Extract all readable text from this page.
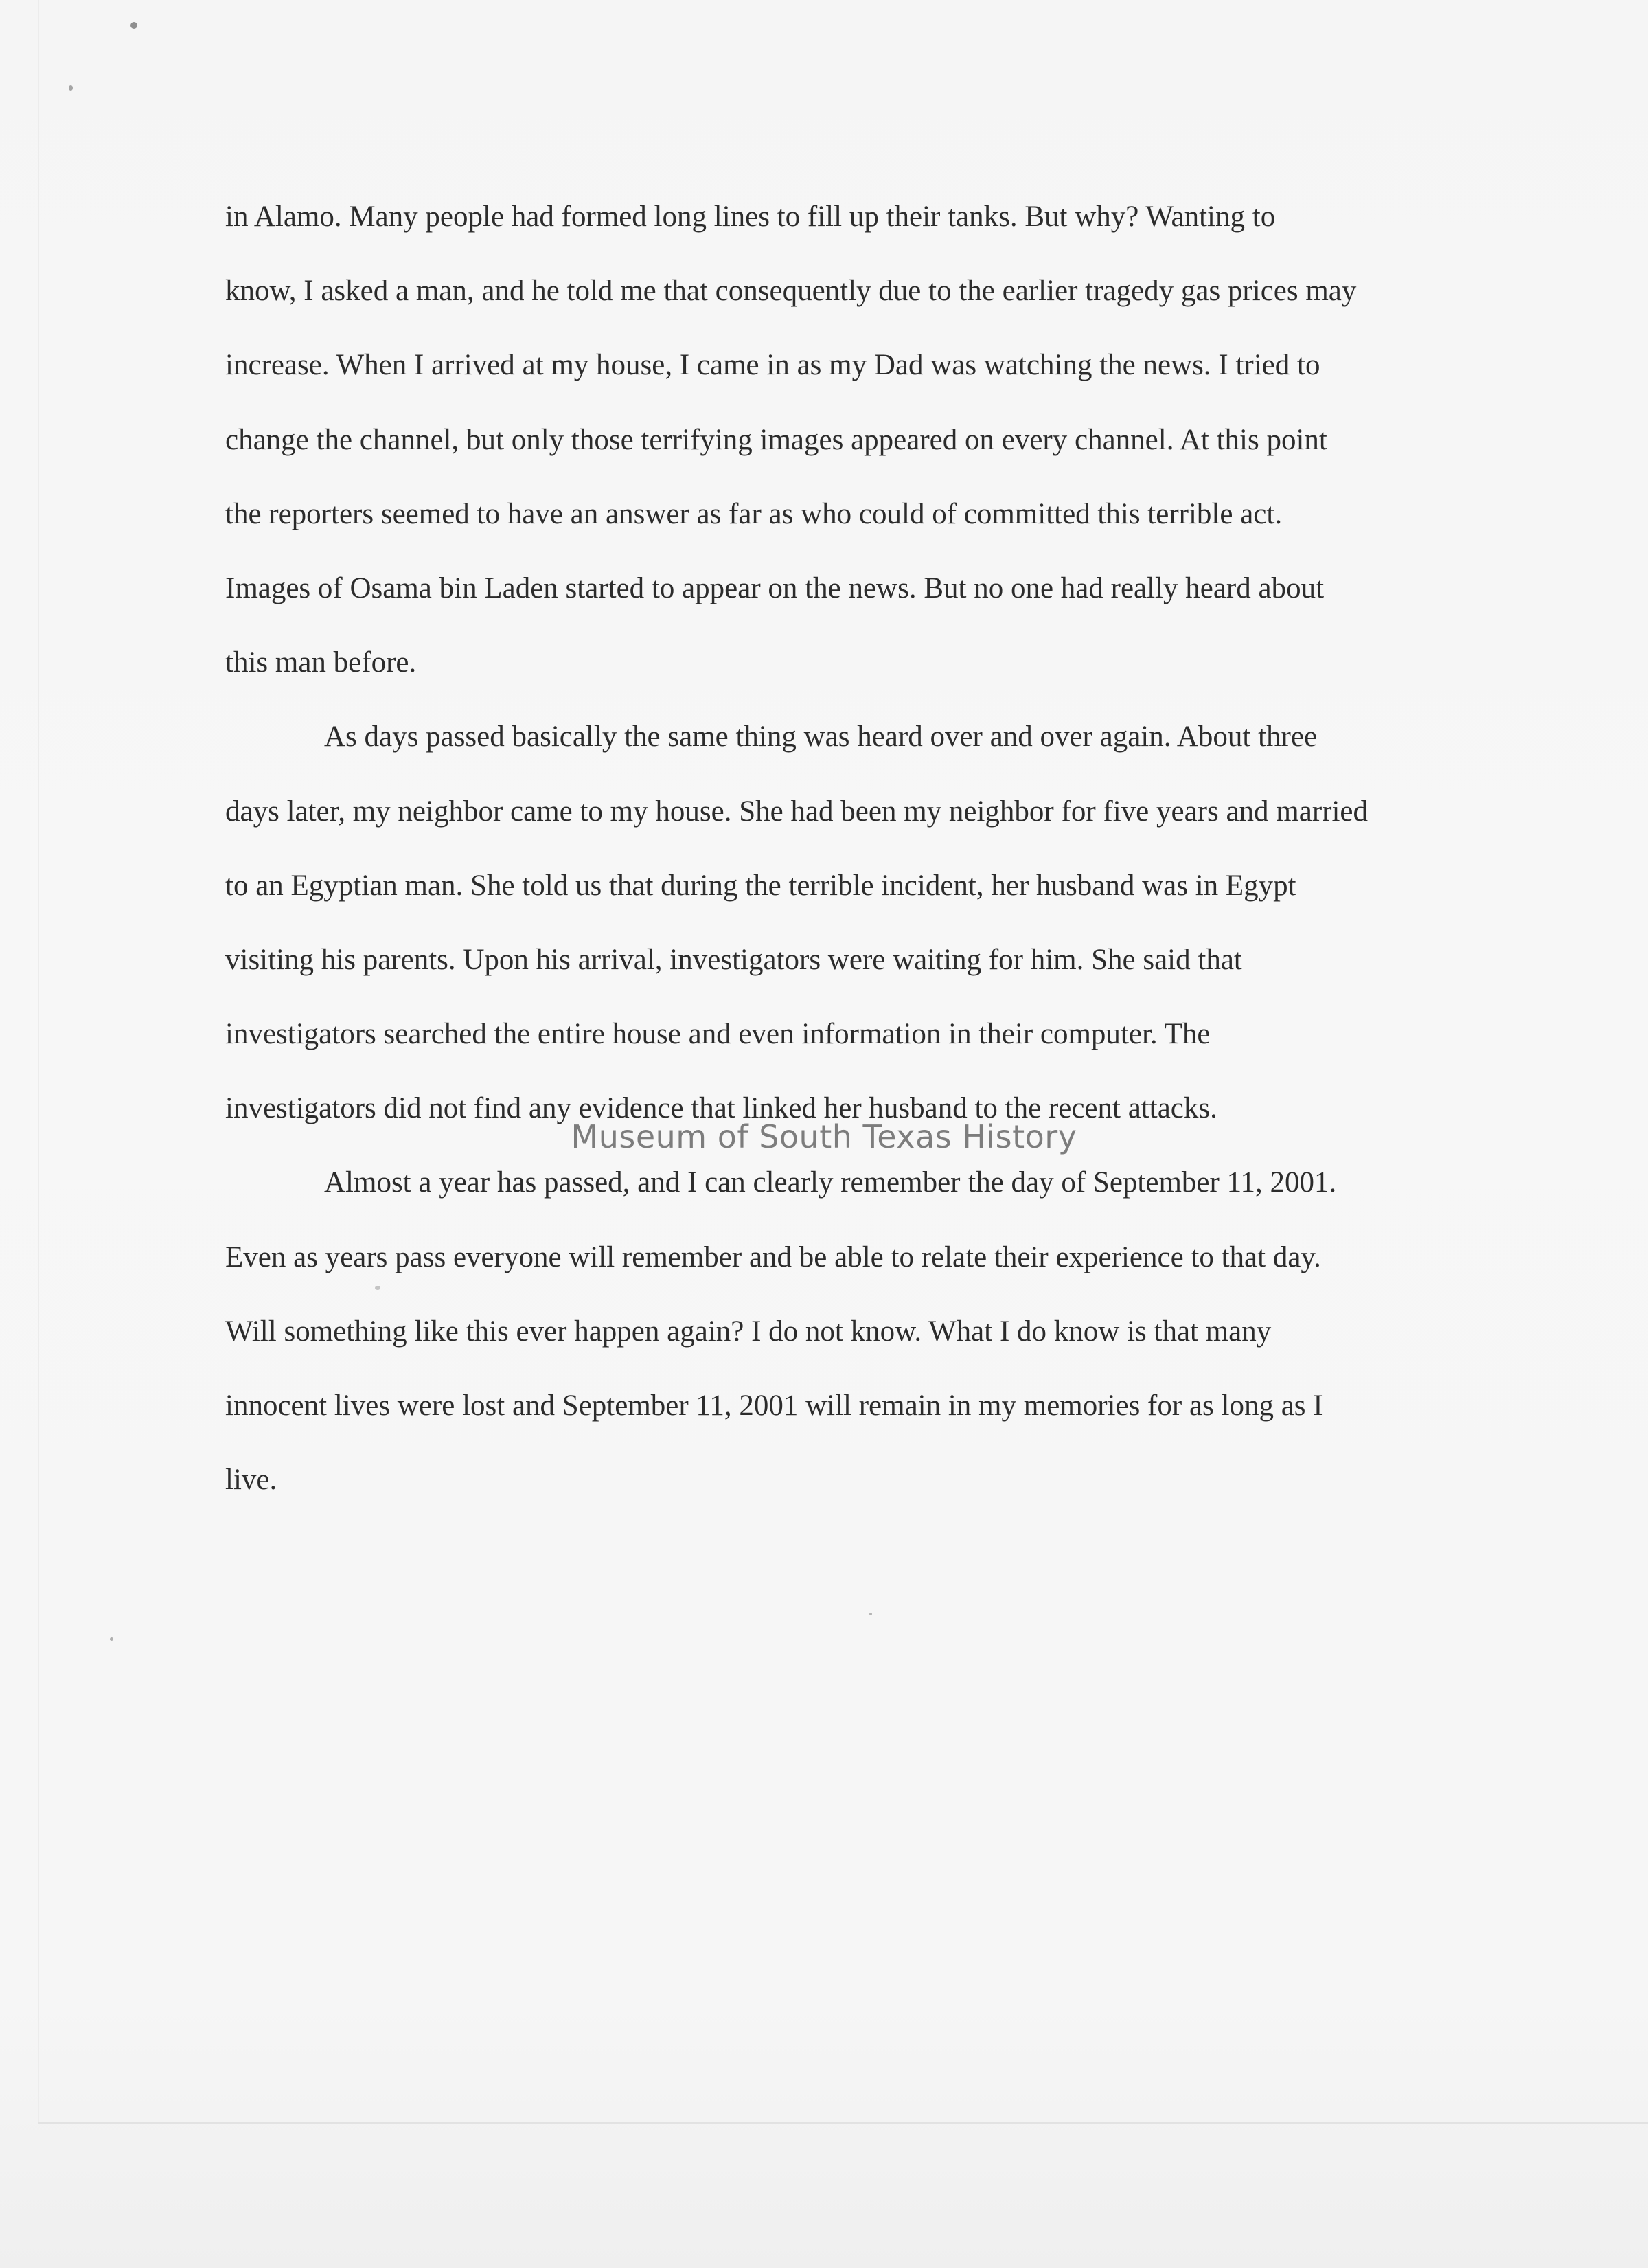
in Alamo. Many people had formed long lines to fill up their tanks. But why? Wanting to
know, I asked a man, and he told me that consequently due to the earlier tragedy gas prices may
increase. When I arrived at my house, I came in as my Dad was watching the news. I tried to
change the channel, but only those terrifying images appeared on every channel. At this point
the reporters seemed to have an answer as far as who could of committed this terrible act.
Images of Osama bin Laden started to appear on the news. But no one had really heard about
this man before.
As days passed basically the same thing was heard over and over again. About three
days later, my neighbor came to my house. She had been my neighbor for five years and married
to an Egyptian man. She told us that during the terrible incident, her husband was in Egypt
visiting his parents. Upon his arrival, investigators were waiting for him. She said that
investigators searched the entire house and even information in their computer. The
investigators did not find any evidence that linked her husband to the recent attacks.
Almost a year has passed, and I can clearly remember the day of September 11, 2001.
Even as years pass everyone will remember and be able to relate their experience to that day.
Will something like this ever happen again? I do not know. What I do know is that many
innocent lives were lost and September 11, 2001 will remain in my memories for as long as I
live.
Museum of South Texas History
